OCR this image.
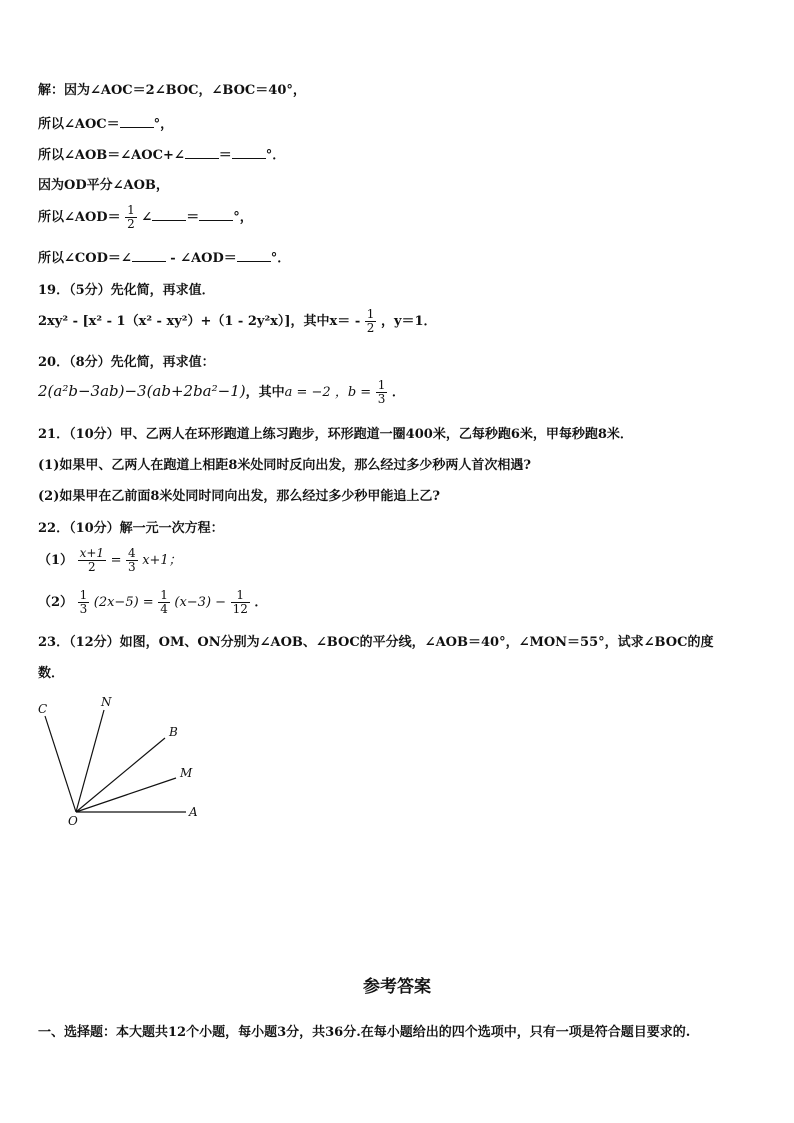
解：因为∠AOC＝2∠BOC，∠BOC＝40°，
所以∠AOC＝	°，
所以∠AOB＝∠AOC+∠	＝	°．
因为OD平分∠AOB，
所以∠AOD＝ $\frac{1}{2}$ ∠	＝	°，
所以∠COD＝∠	- ∠AOD＝	°．
19．（5分）先化简，再求值．
2xy² - [x² - 1（x² - xy²）+（1 - 2y²x）]，其中$x= - \frac{1}{2}$ ，y＝1．
20．（8分）先化简，再求值：
2(a²b−3ab)−3(ab+2ba²−1)，其中a = −2 ，$b = \frac{1}{3}$ ．
21．（10分）甲、乙两人在环形跑道上练习跑步，环形跑道一圈400米，乙每秒跑6米，甲每秒跑8米．
(1)如果甲、乙两人在跑道上相距8米处同时反向出发，那么经过多少秒两人首次相遇?
(2)如果甲在乙前面8米处同时同向出发，那么经过多少秒甲能追上乙?
22．（10分）解一元一次方程：
$(1) \frac{x+1}{2} = \frac{4}{3} x+1$；
$(2) \frac{1}{3} (2x-5) = \frac{1}{4} (x-3) - \frac{1}{12}$ ．
23．（12分）如图，OM、ON分别为∠AOB、∠BOC的平分线，∠AOB＝40°，∠MON＝55°，试求∠BOC的度
数．
C	N
B
M
A
O
参考答案
一、选择题：本大题共12个小题，每小题3分，共36分.在每小题给出的四个选项中，只有一项是符合题目要求的.
